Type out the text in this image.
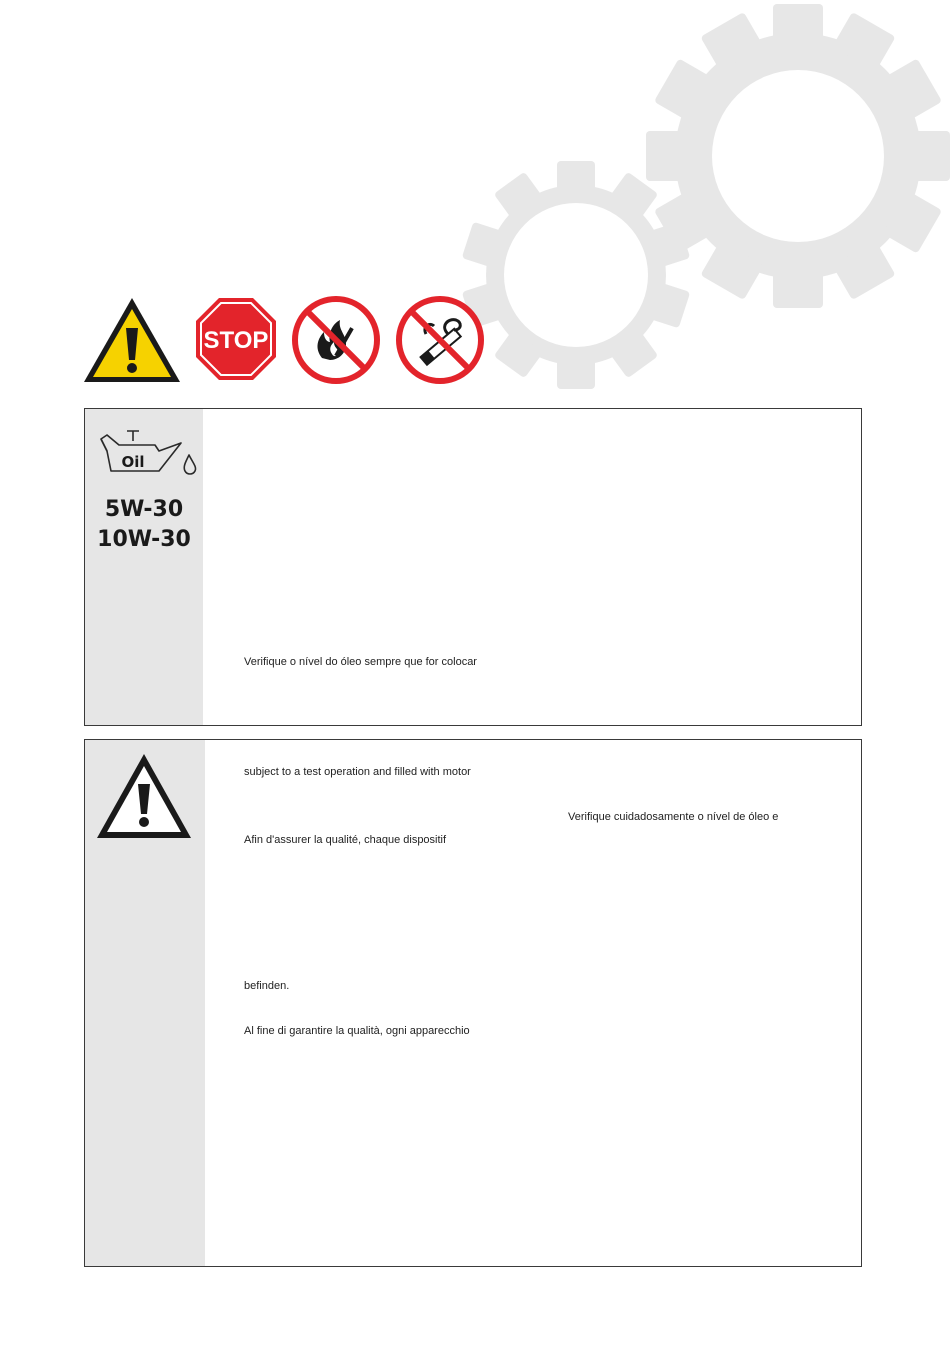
STOP
Oil
5W-30
10W-30
Verifique o nível do óleo sempre que for colocar
subject to a test operation and filled with motor
Verifique cuidadosamente o nível de óleo e
Afin d'assurer la qualité, chaque dispositif
befinden.
Al fine di garantire la qualità, ogni apparecchio
